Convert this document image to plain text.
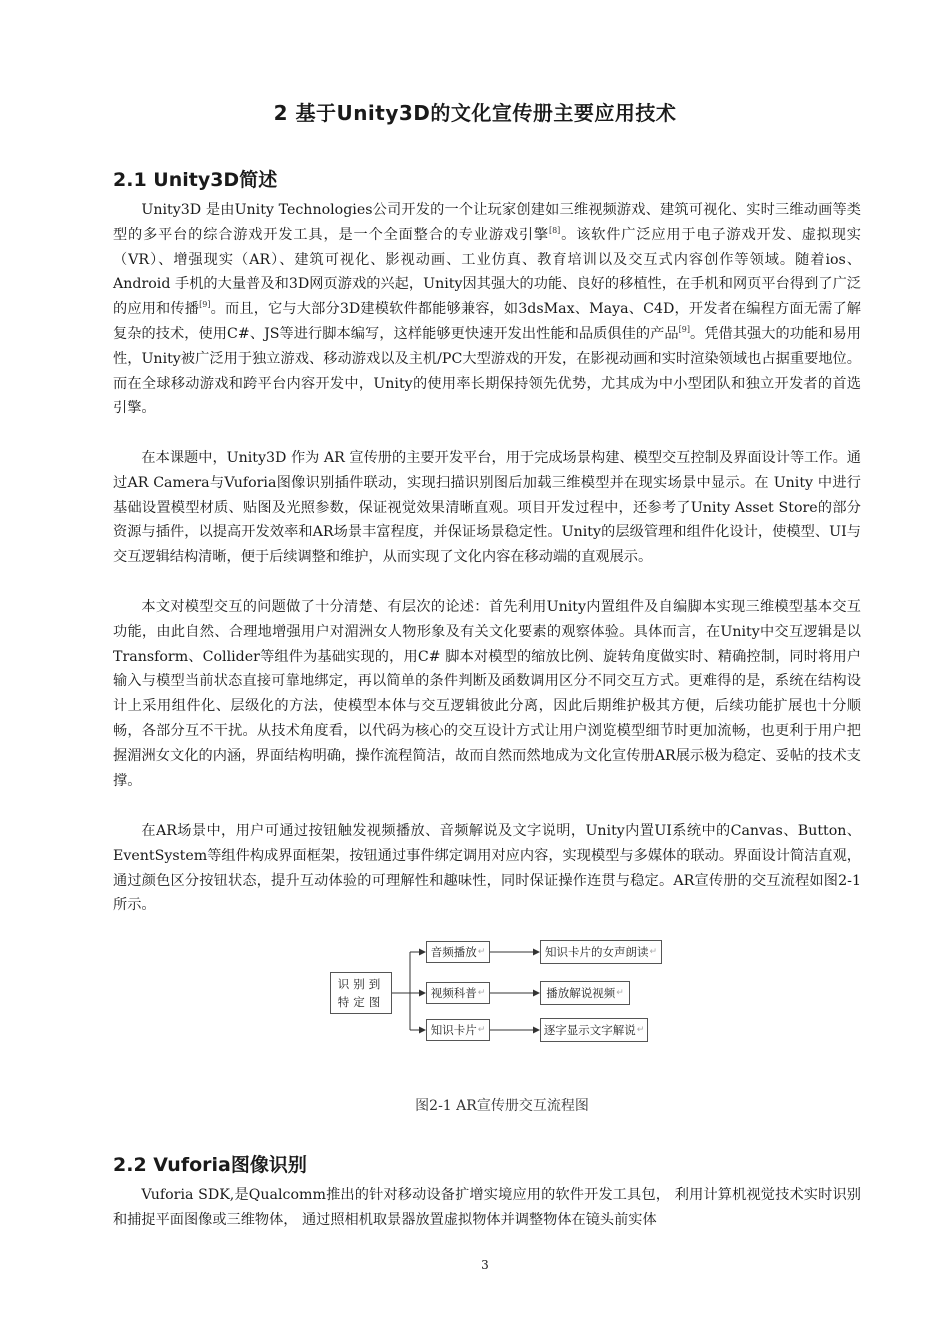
2 基于Unity3D的文化宣传册主要应用技术
2.1 Unity3D简述

Unity3D 是由Unity Technologies公司开发的一个让玩家创建如三维视频游戏、建筑可视化、实时三维动画等类型的多平台的综合游戏开发工具，是一个全面整合的专业游戏引擎[8]。该软件广泛应用于电子游戏开发、虚拟现实（VR）、增强现实（AR）、建筑可视化、影视动画、工业仿真、教育培训以及交互式内容创作等领域。随着ios、Android 手机的大量普及和3D网页游戏的兴起，Unity因其强大的功能、良好的移植性，在手机和网页平台得到了广泛的应用和传播[9]。而且，它与大部分3D建模软件都能够兼容，如3dsMax、Maya、C4D，开发者在编程方面无需了解复杂的技术，使用C#、JS等进行脚本编写，这样能够更快速开发出性能和品质俱佳的产品[9]。凭借其强大的功能和易用性，Unity被广泛用于独立游戏、移动游戏以及主机/PC大型游戏的开发，在影视动画和实时渲染领域也占据重要地位。而在全球移动游戏和跨平台内容开发中，Unity的使用率长期保持领先优势，尤其成为中小型团队和独立开发者的首选引擎。

在本课题中，Unity3D 作为 AR 宣传册的主要开发平台，用于完成场景构建、模型交互控制及界面设计等工作。通过AR Camera与Vuforia图像识别插件联动，实现扫描识别图后加载三维模型并在现实场景中显示。在 Unity 中进行基础设置模型材质、贴图及光照参数，保证视觉效果清晰直观。项目开发过程中，还参考了Unity Asset Store的部分资源与插件，以提高开发效率和AR场景丰富程度，并保证场景稳定性。Unity的层级管理和组件化设计，使模型、UI与交互逻辑结构清晰，便于后续调整和维护，从而实现了文化内容在移动端的直观展示。

本文对模型交互的问题做了十分清楚、有层次的论述：首先利用Unity内置组件及自编脚本实现三维模型基本交互功能，由此自然、合理地增强用户对湄洲女人物形象及有关文化要素的观察体验。具体而言，在Unity中交互逻辑是以Transform、Collider等组件为基础实现的，用C# 脚本对模型的缩放比例、旋转角度做实时、精确控制，同时将用户输入与模型当前状态直接可靠地绑定，再以简单的条件判断及函数调用区分不同交互方式。更难得的是，系统在结构设计上采用组件化、层级化的方法，使模型本体与交互逻辑彼此分离，因此后期维护极其方便，后续功能扩展也十分顺畅，各部分互不干扰。从技术角度看，以代码为核心的交互设计方式让用户浏览模型细节时更加流畅，也更利于用户把握湄洲女文化的内涵，界面结构明确，操作流程简洁，故而自然而然地成为文化宣传册AR展示极为稳定、妥帖的技术支撑。

在AR场景中，用户可通过按钮触发视频播放、音频解说及文字说明，Unity内置UI系统中的Canvas、Button、EventSystem等组件构成界面框架，按钮通过事件绑定调用对应内容，实现模型与多媒体的联动。界面设计简洁直观，通过颜色区分按钮状态，提升互动体验的可理解性和趣味性，同时保证操作连贯与稳定。AR宣传册的交互流程如图2-1所示。

识别到
特定图
音频播放 ↵
视频科普 ↵
知识卡片 ↵
知识卡片的女声朗读 ↵
播放解说视频 ↵
逐字显示文字解说 ↵
图2-1 AR宣传册交互流程图
2.2 Vuforia图像识别

Vuforia SDK,是Qualcomm推出的针对移动设备扩增实境应用的软件开发工具包， 利用计算机视觉技术实时识别和捕捉平面图像或三维物体， 通过照相机取景器放置虚拟物体并调整物体在镜头前实体

3
